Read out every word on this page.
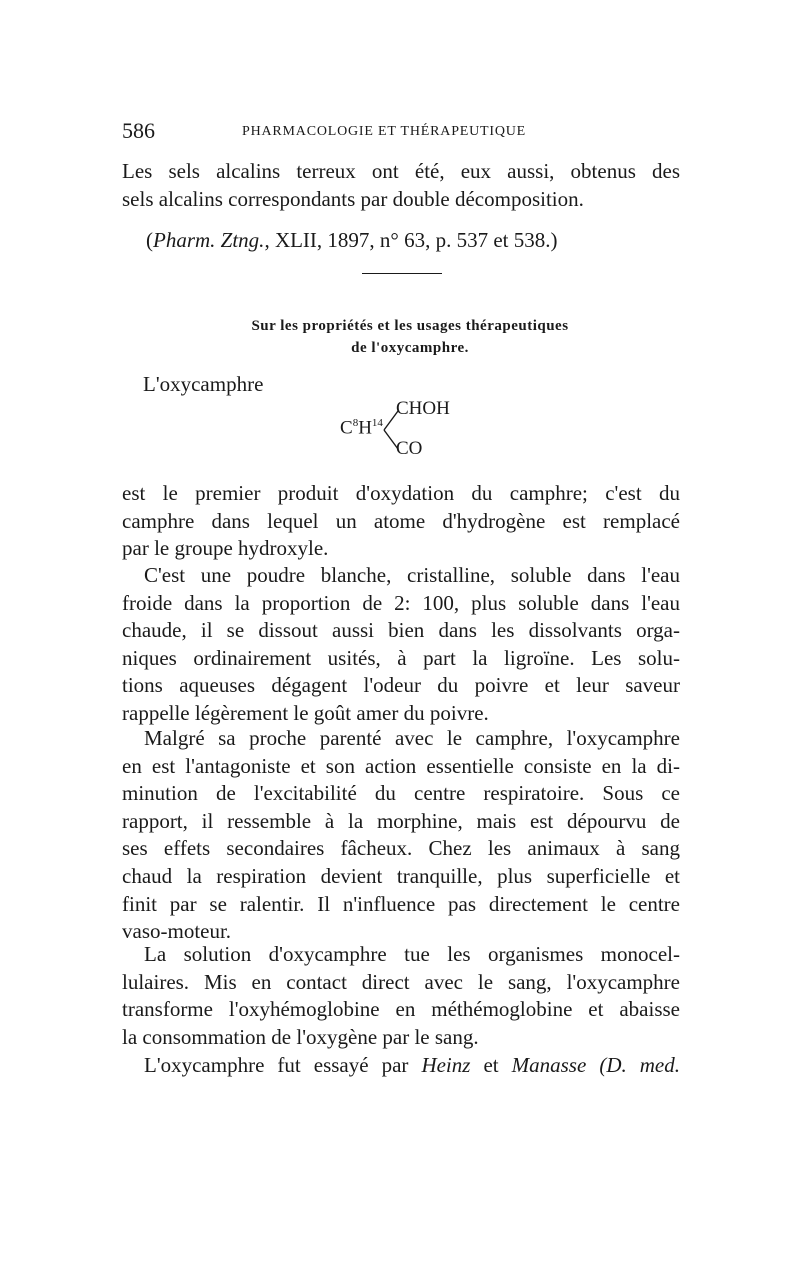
586	PHARMACOLOGIE ET THÉRAPEUTIQUE
Les sels alcalins terreux ont été, eux aussi, obtenus des
sels alcalins correspondants par double décomposition.
(Pharm. Ztng., XLII, 1897, n° 63, p. 537 et 538.)
Sur les propriétés et les usages thérapeutiques
de l'oxycamphre.
L'oxycamphre
$C^8H^{14}$
CHOH
CO
est le premier produit d'oxydation du camphre; c'est du
camphre dans lequel un atome d'hydrogène est remplacé
par le groupe hydroxyle.
C'est une poudre blanche, cristalline, soluble dans l'eau
froide dans la proportion de 2: 100, plus soluble dans l'eau
chaude, il se dissout aussi bien dans les dissolvants orga-
niques ordinairement usités, à part la ligroïne. Les solu-
tions aqueuses dégagent l'odeur du poivre et leur saveur
rappelle légèrement le goût amer du poivre.
Malgré sa proche parenté avec le camphre, l'oxycamphre
en est l'antagoniste et son action essentielle consiste en la di-
minution de l'excitabilité du centre respiratoire. Sous ce
rapport, il ressemble à la morphine, mais est dépourvu de
ses effets secondaires fâcheux. Chez les animaux à sang
chaud la respiration devient tranquille, plus superficielle et
finit par se ralentir. Il n'influence pas directement le centre
vaso-moteur.
La solution d'oxycamphre tue les organismes monocel-
lulaires. Mis en contact direct avec le sang, l'oxycamphre
transforme l'oxyhémoglobine en méthémoglobine et abaisse
la consommation de l'oxygène par le sang.
L'oxycamphre fut essayé par Heinz et Manasse (D. med.
